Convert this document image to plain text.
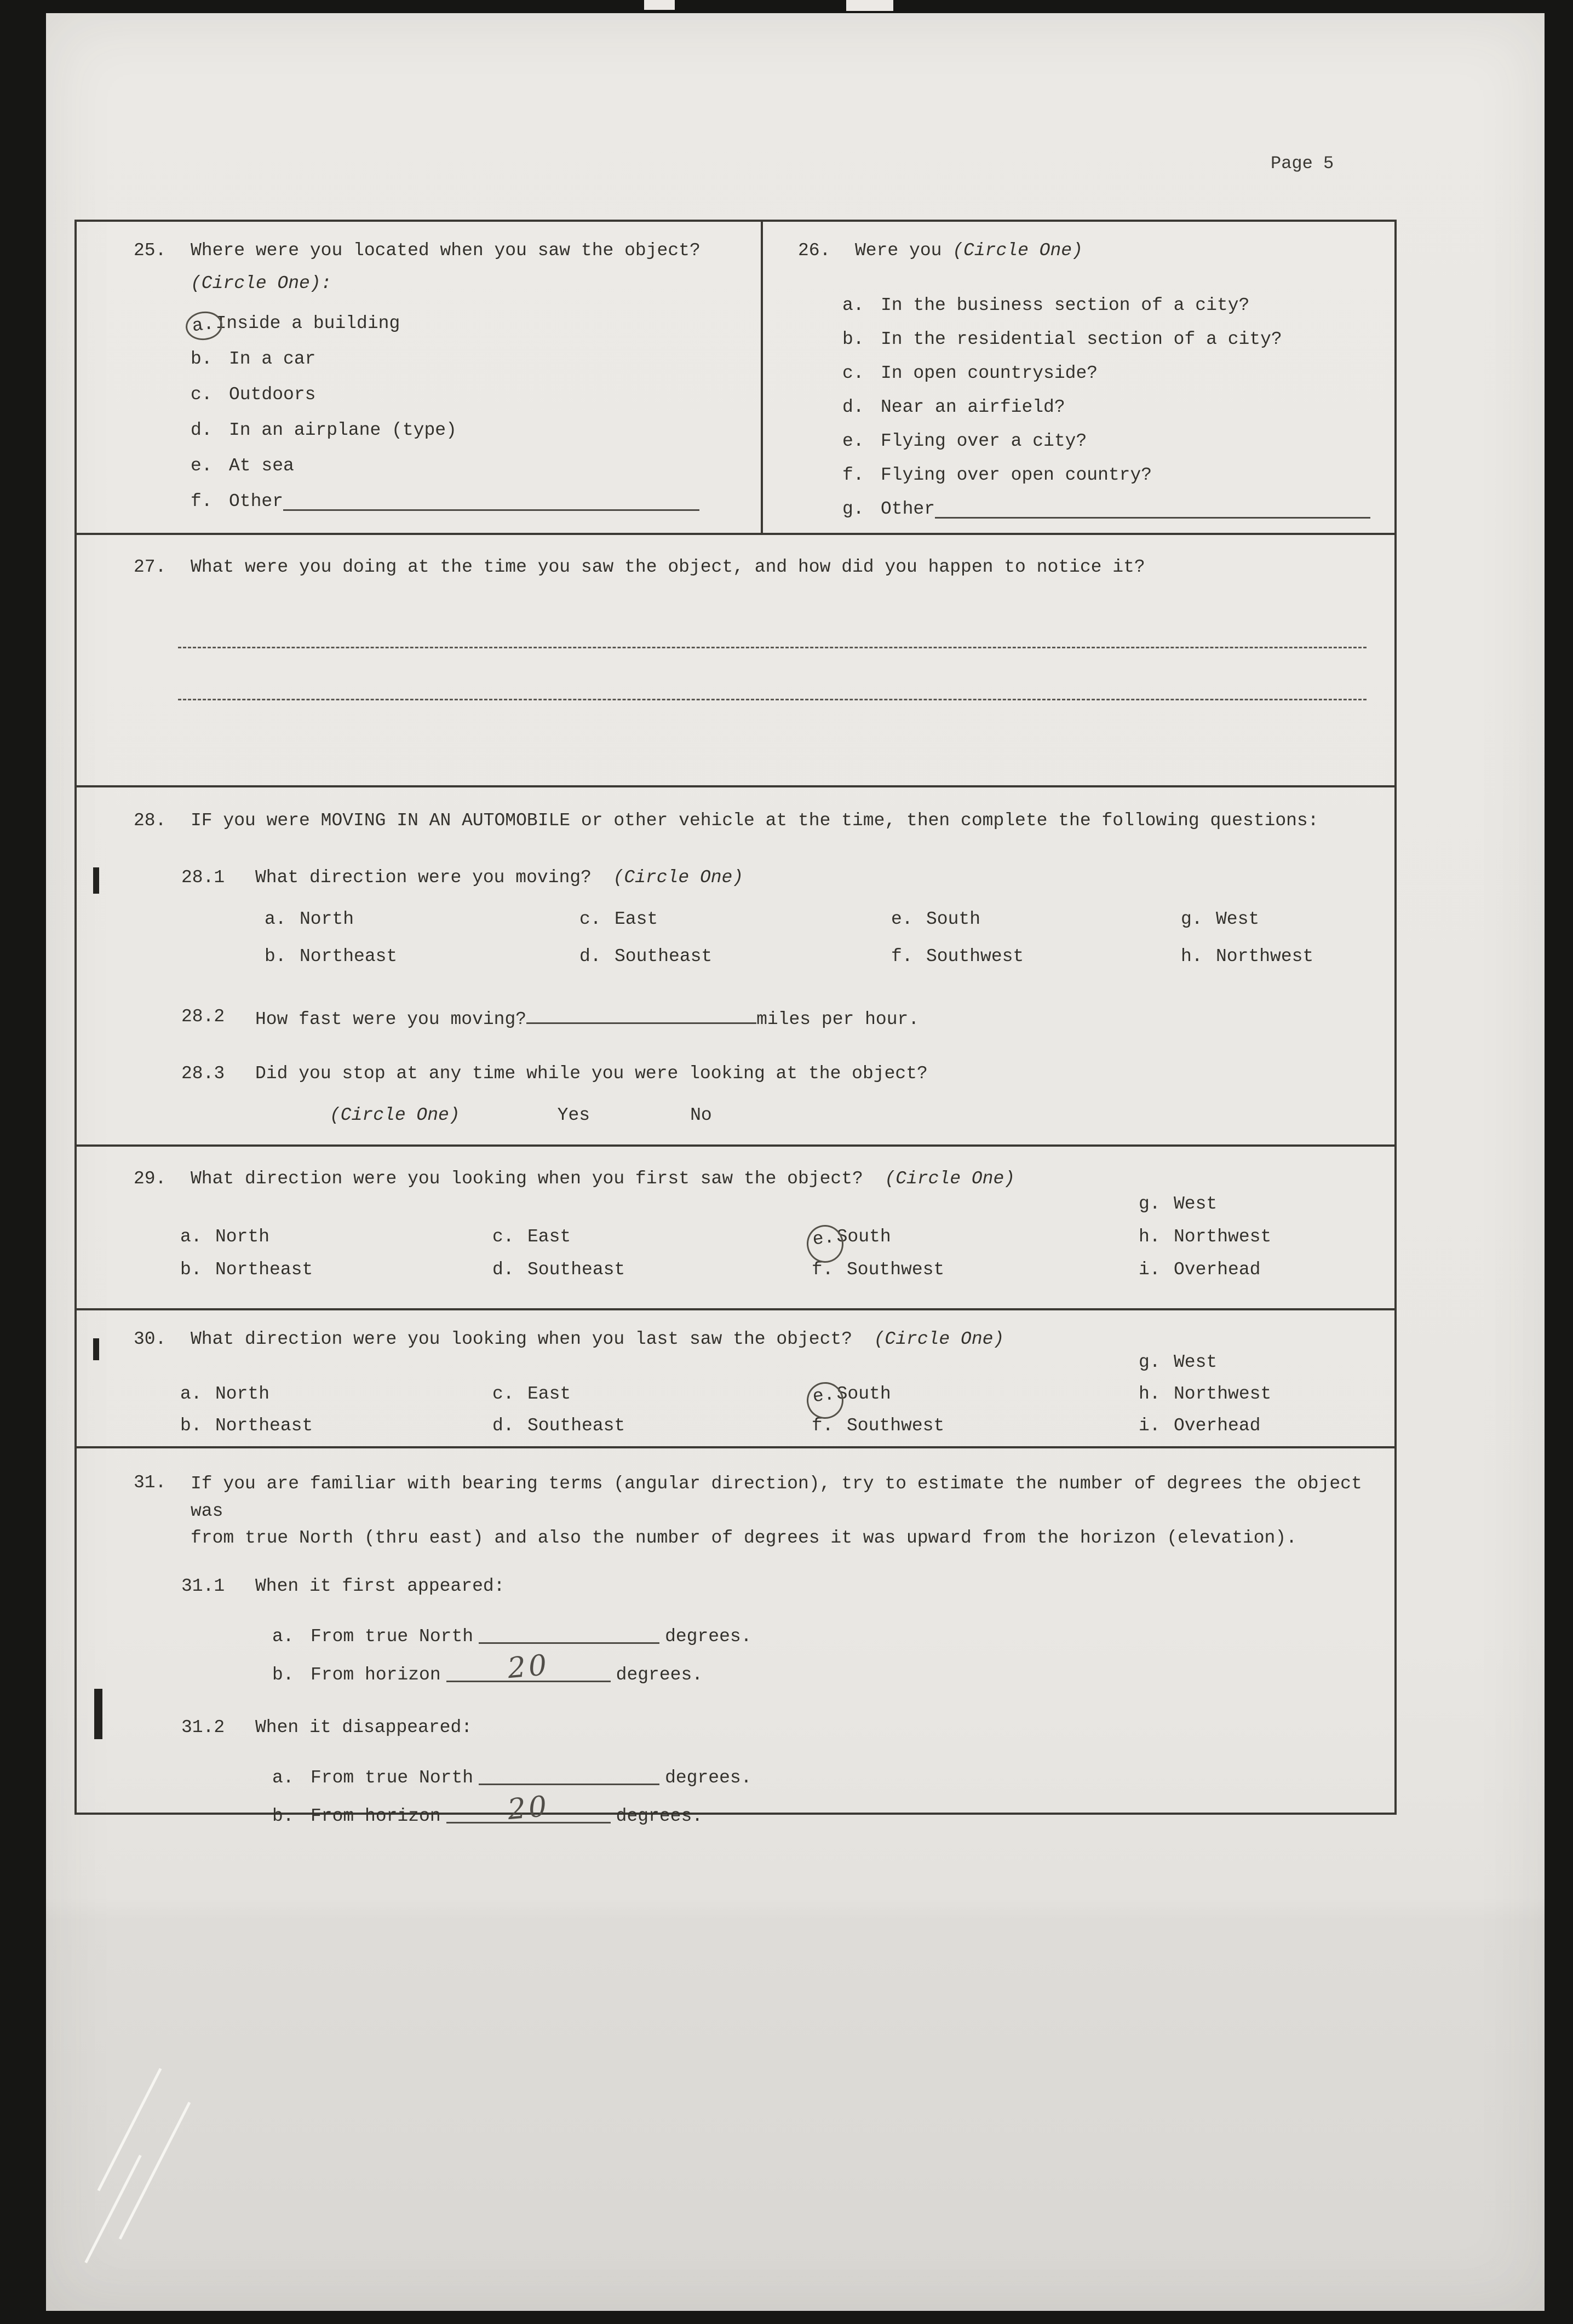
Page 5
25.	Where were you located when you saw the object?
(Circle One):
a. Inside a building
b. In a car
c. Outdoors
d. In an airplane (type)
e. At sea
f. Other
26.	Were you (Circle One)
a. In the business section of a city?
b. In the residential section of a city?
c. In open countryside?
d. Near an airfield?
e. Flying over a city?
f. Flying over open country?
g. Other
27.	What were you doing at the time you saw the object, and how did you happen to notice it?
28.	IF you were MOVING IN AN AUTOMOBILE or other vehicle at the time, then complete the following questions:
28.1	What direction were you moving? (Circle One)
a. North	c. East	e. South	g. West
b. Northeast	d. Southeast	f. Southwest	h. Northwest
28.2	How fast were you moving?	miles per hour.
28.3	Did you stop at any time while you were looking at the object?
(Circle One)	Yes	No
29.	What direction were you looking when you first saw the object? (Circle One)
g. West
a. North	c. East	e. South	h. Northwest
b. Northeast	d. Southeast	f. Southwest	i. Overhead
30.	What direction were you looking when you last saw the object? (Circle One)
g. West
a. North	c. East	e. South	h. Northwest
b. Northeast	d. Southeast	f. Southwest	i. Overhead
31.	If you are familiar with bearing terms (angular direction), try to estimate the number of degrees the object was
from true North (thru east) and also the number of degrees it was upward from the horizon (elevation).
31.1	When it first appeared:
a. From true North	degrees.
b. From horizon 20	degrees.
31.2	When it disappeared:
a. From true North	degrees.
b. From horizon 20	degrees.
